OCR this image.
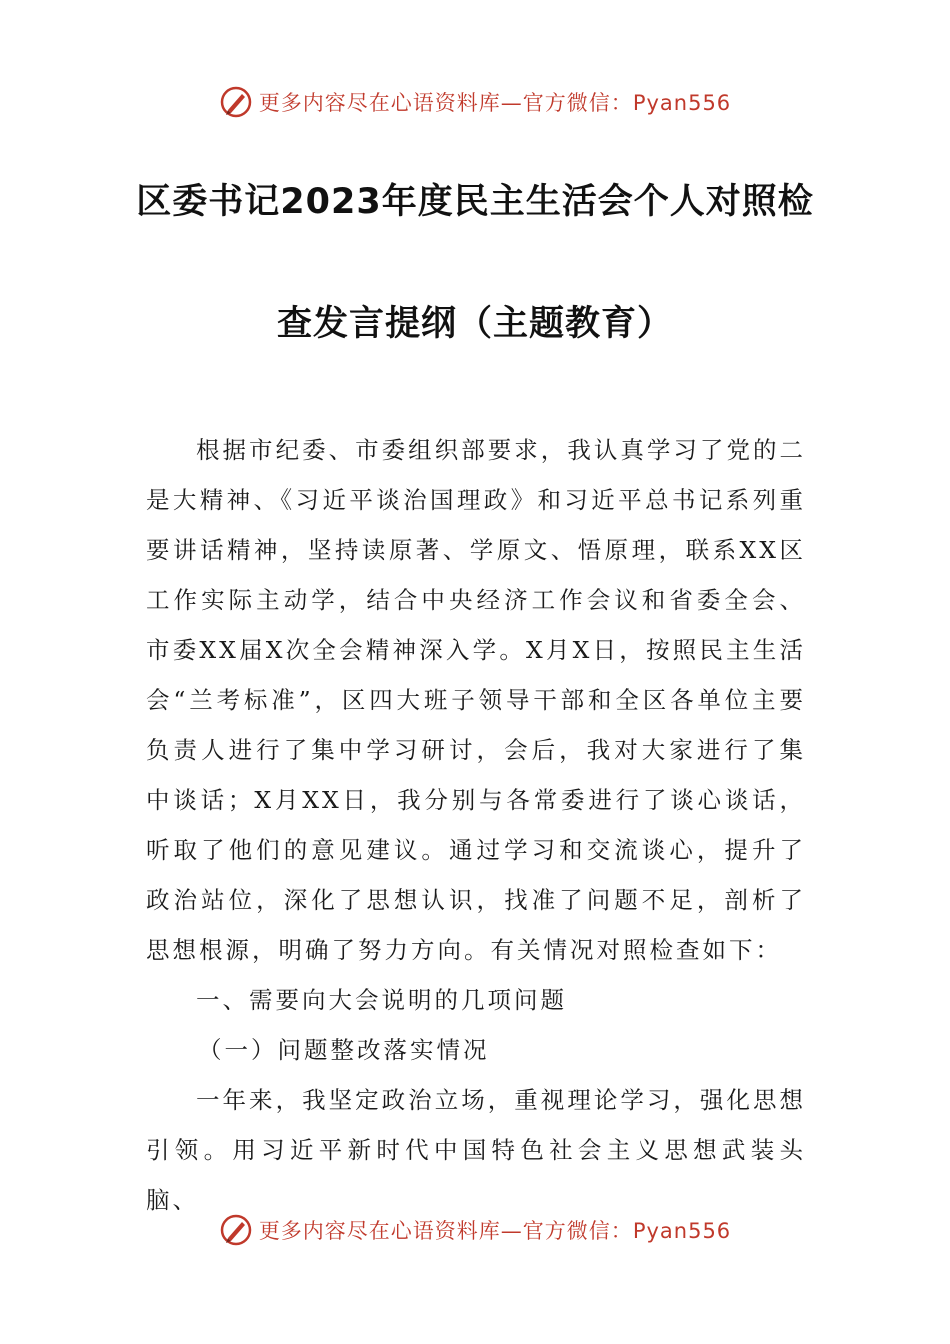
更多内容尽在心语资料库—官方微信：Pyan556
区委书记2023年度民主生活会个人对照检
查发言提纲（主题教育）

根据市纪委、市委组织部要求，我认真学习了党的二是大精神、《习近平谈治国理政》和习近平总书记系列重要讲话精神，坚持读原著、学原文、悟原理，联系XX区工作实际主动学，结合中央经济工作会议和省委全会、市委XX届X次全会精神深入学。X月X日，按照民主生活会“兰考标准”，区四大班子领导干部和全区各单位主要负责人进行了集中学习研讨，会后，我对大家进行了集中谈话；X月XX日，我分别与各常委进行了谈心谈话，听取了他们的意见建议。通过学习和交流谈心，提升了政治站位，深化了思想认识，找准了问题不足，剖析了思想根源，明确了努力方向。有关情况对照检查如下：

一、需要向大会说明的几项问题

（一）问题整改落实情况

一年来，我坚定政治立场，重视理论学习，强化思想引领。用习近平新时代中国特色社会主义思想武装头脑、

更多内容尽在心语资料库—官方微信：Pyan556
